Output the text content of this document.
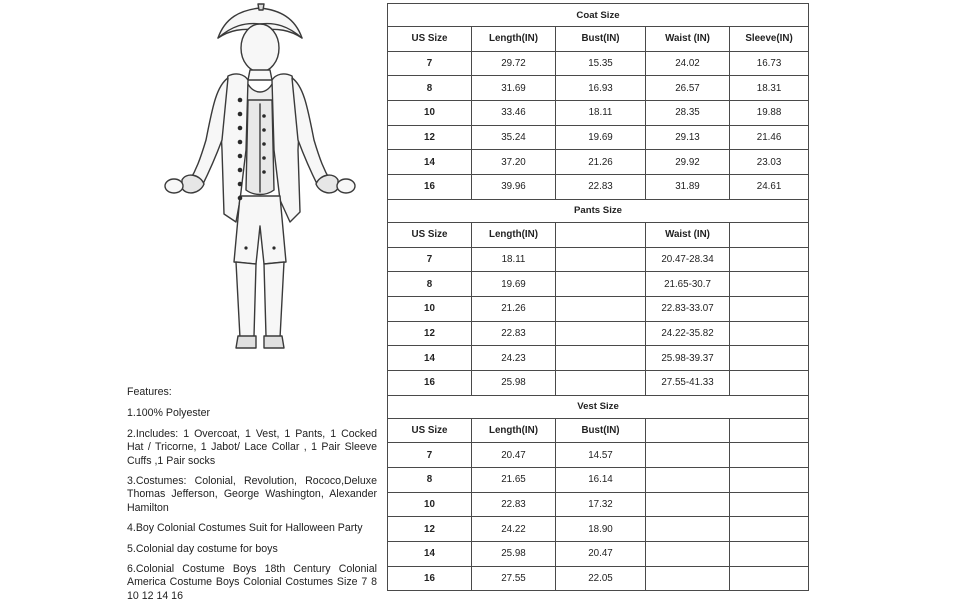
Features:
1.100% Polyester
2.Includes: 1 Overcoat, 1 Vest, 1 Pants, 1 Cocked Hat / Tricorne, 1 Jabot/ Lace Collar , 1 Pair Sleeve Cuffs ,1 Pair socks
3.Costumes: Colonial, Revolution, Rococo,Deluxe Thomas Jefferson, George Washington, Alexander Hamilton
4.Boy Colonial Costumes Suit for Halloween Party
5.Colonial day costume for boys
6.Colonial Costume Boys 18th Century Colonial America Costume Boys Colonial Costumes Size 7 8 10 12 14 16
Coat Size				
US Size	Length(IN)	Bust(IN)	Waist (IN)	Sleeve(IN)
7	29.72	15.35	24.02	16.73
8	31.69	16.93	26.57	18.31
10	33.46	18.11	28.35	19.88
12	35.24	19.69	29.13	21.46
14	37.20	21.26	29.92	23.03
16	39.96	22.83	31.89	24.61
Pants Size				
US Size	Length(IN)		Waist (IN)	
7	18.11		20.47-28.34	
8	19.69		21.65-30.7	
10	21.26		22.83-33.07	
12	22.83		24.22-35.82	
14	24.23		25.98-39.37	
16	25.98		27.55-41.33	
Vest Size				
US Size	Length(IN)	Bust(IN)		
7	20.47	14.57		
8	21.65	16.14		
10	22.83	17.32		
12	24.22	18.90		
14	25.98	20.47		
16	27.55	22.05		
